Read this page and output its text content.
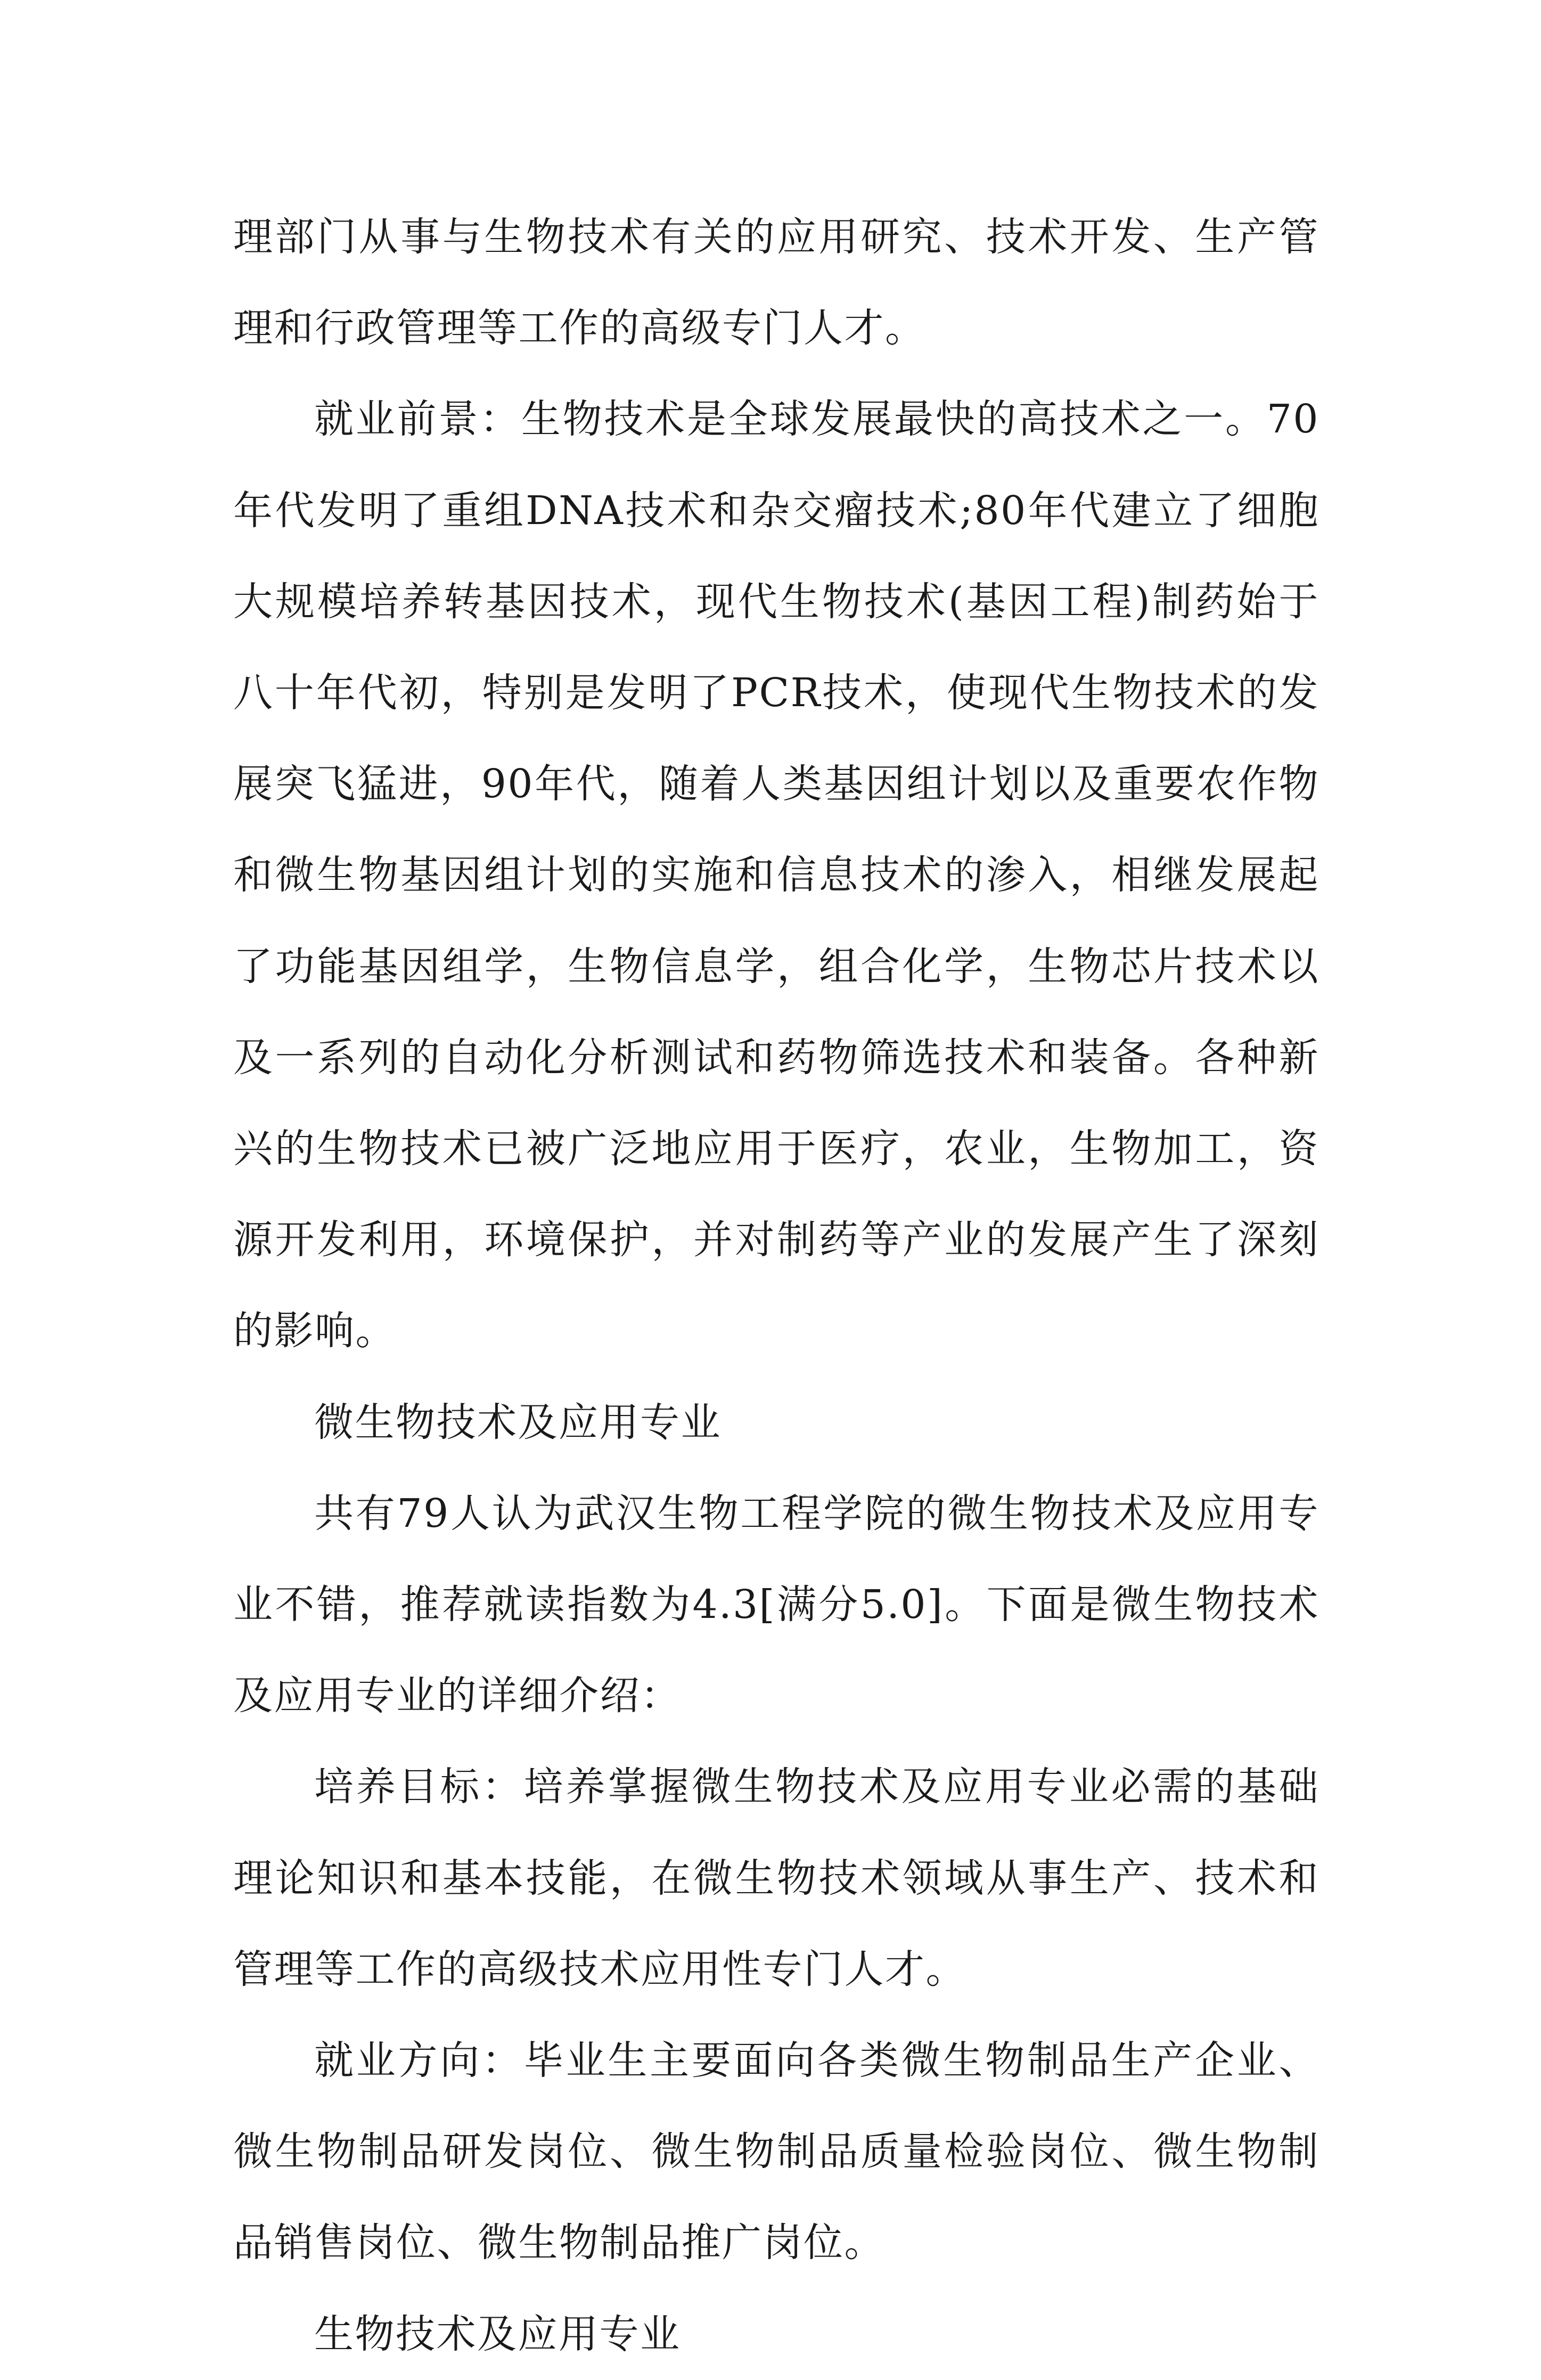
理部门从事与生物技术有关的应用研究、技术开发、生产管理和行政管理等工作的高级专门人才。

就业前景：生物技术是全球发展最快的高技术之一。70年代发明了重组DNA技术和杂交瘤技术;80年代建立了细胞大规模培养转基因技术，现代生物技术(基因工程)制药始于八十年代初，特别是发明了PCR技术，使现代生物技术的发展突飞猛进，90年代，随着人类基因组计划以及重要农作物和微生物基因组计划的实施和信息技术的渗入，相继发展起了功能基因组学，生物信息学，组合化学，生物芯片技术以及一系列的自动化分析测试和药物筛选技术和装备。各种新兴的生物技术已被广泛地应用于医疗，农业，生物加工，资源开发利用，环境保护，并对制药等产业的发展产生了深刻的影响。

微生物技术及应用专业

共有79人认为武汉生物工程学院的微生物技术及应用专业不错，推荐就读指数为4.3[满分5.0]。下面是微生物技术及应用专业的详细介绍：

培养目标：培养掌握微生物技术及应用专业必需的基础理论知识和基本技能，在微生物技术领域从事生产、技术和管理等工作的高级技术应用性专门人才。

就业方向：毕业生主要面向各类微生物制品生产企业、微生物制品研发岗位、微生物制品质量检验岗位、微生物制品销售岗位、微生物制品推广岗位。

生物技术及应用专业
